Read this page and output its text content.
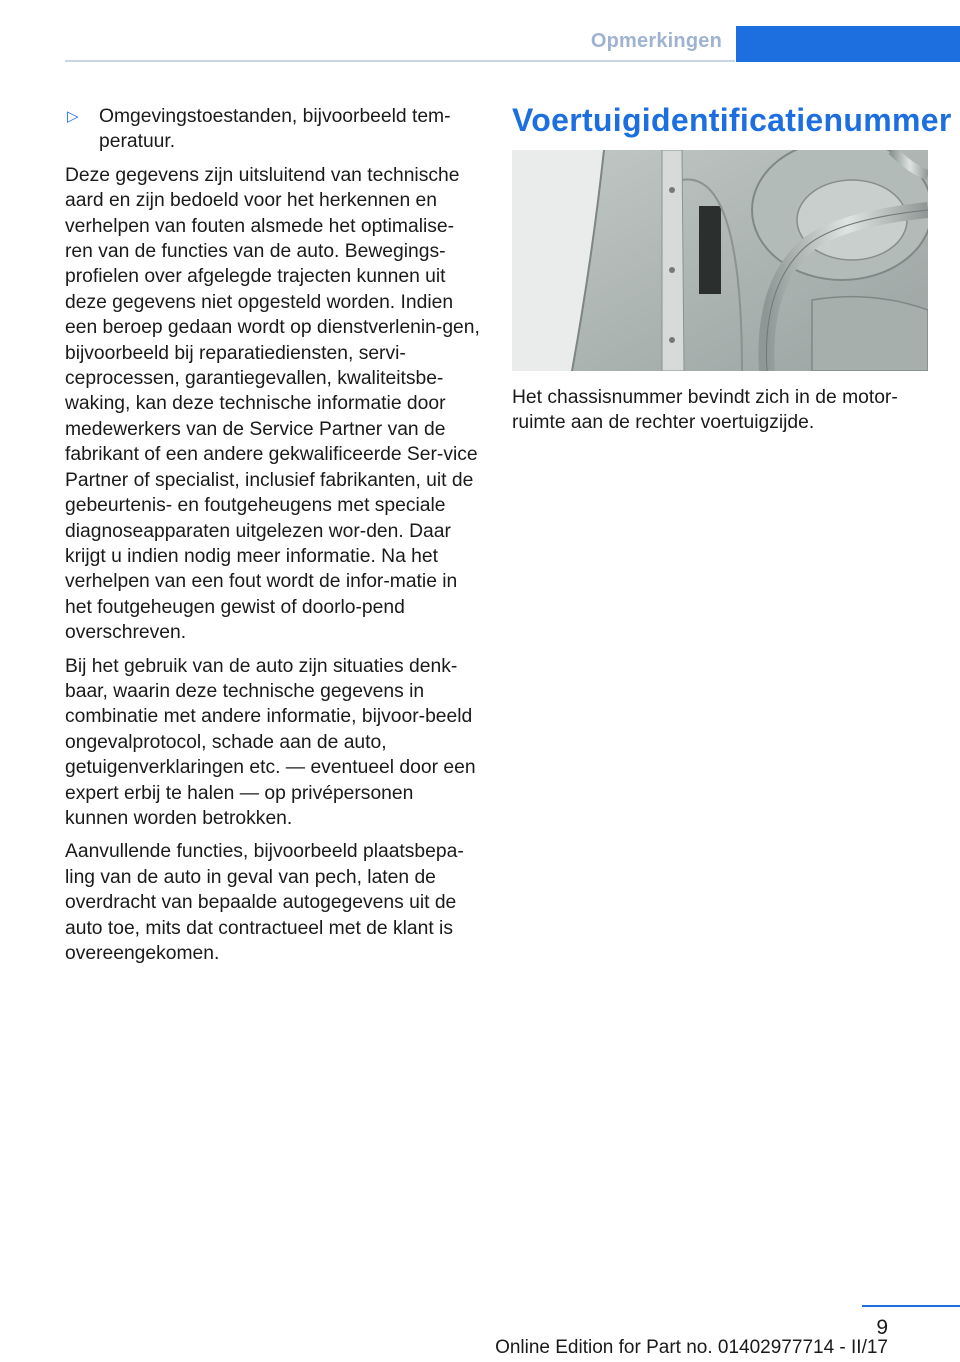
Opmerkingen
▷ Omgevingstoestanden, bijvoorbeeld tem‐peratuur.

Deze gegevens zijn uitsluitend van technische aard en zijn bedoeld voor het herkennen en verhelpen van fouten alsmede het optimalise‐ren van de functies van de auto. Bewegings‐profielen over afgelegde trajecten kunnen uit deze gegevens niet opgesteld worden. Indien een beroep gedaan wordt op dienstverlenin‐gen, bijvoorbeeld bij reparatiediensten, servi‐ceprocessen, garantiegevallen, kwaliteitsbe‐waking, kan deze technische informatie door medewerkers van de Service Partner van de fabrikant of een andere gekwalificeerde Ser‐vice Partner of specialist, inclusief fabrikanten, uit de gebeurtenis- en foutgeheugens met speciale diagnoseapparaten uitgelezen wor‐den. Daar krijgt u indien nodig meer informatie. Na het verhelpen van een fout wordt de infor‐matie in het foutgeheugen gewist of doorlo‐pend overschreven.

Bij het gebruik van de auto zijn situaties denk‐baar, waarin deze technische gegevens in combinatie met andere informatie, bijvoor‐beeld ongevalprotocol, schade aan de auto, getuigenverklaringen etc. — eventueel door een expert erbij te halen — op privépersonen kunnen worden betrokken.

Aanvullende functies, bijvoorbeeld plaatsbepa‐ling van de auto in geval van pech, laten de overdracht van bepaalde autogegevens uit de auto toe, mits dat contractueel met de klant is overeengekomen.

Voertuigidentificatienummer
Het chassisnummer bevindt zich in de motor‐ruimte aan de rechter voertuigzijde.
9
Online Edition for Part no. 01402977714 - II/17
